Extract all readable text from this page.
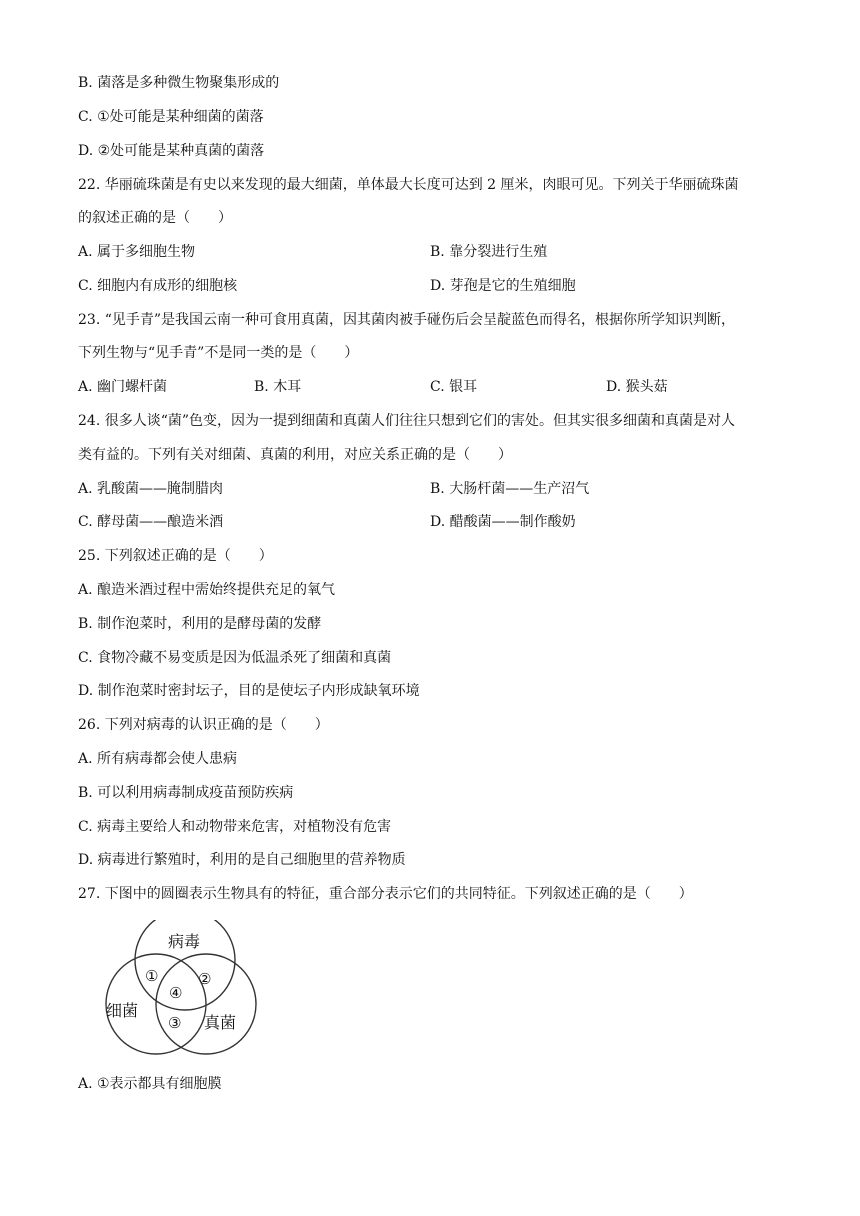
B. 菌落是多种微生物聚集形成的
C. ①处可能是某种细菌的菌落
D. ②处可能是某种真菌的菌落
22. 华丽硫珠菌是有史以来发现的最大细菌，单体最大长度可达到 2 厘米，肉眼可见。下列关于华丽硫珠菌
的叙述正确的是（　　）
A. 属于多细胞生物	B. 靠分裂进行生殖
C. 细胞内有成形的细胞核	D. 芽孢是它的生殖细胞
23. “见手青”是我国云南一种可食用真菌，因其菌肉被手碰伤后会呈靛蓝色而得名，根据你所学知识判断，
下列生物与“见手青”不是同一类的是（　　）
A. 幽门螺杆菌	B. 木耳	C. 银耳	D. 猴头菇
24. 很多人谈“菌”色变，因为一提到细菌和真菌人们往往只想到它们的害处。但其实很多细菌和真菌是对人
类有益的。下列有关对细菌、真菌的利用，对应关系正确的是（　　）
A. 乳酸菌——腌制腊肉	B. 大肠杆菌——生产沼气
C. 酵母菌——酿造米酒	D. 醋酸菌——制作酸奶
25. 下列叙述正确的是（　　）
A. 酿造米酒过程中需始终提供充足的氧气
B. 制作泡菜时，利用的是酵母菌的发酵
C. 食物冷藏不易变质是因为低温杀死了细菌和真菌
D. 制作泡菜时密封坛子，目的是使坛子内形成缺氧环境
26. 下列对病毒的认识正确的是（　　）
A. 所有病毒都会使人患病
B. 可以利用病毒制成疫苗预防疾病
C. 病毒主要给人和动物带来危害，对植物没有危害
D. 病毒进行繁殖时，利用的是自己细胞里的营养物质
27. 下图中的圆圈表示生物具有的特征，重合部分表示它们的共同特征。下列叙述正确的是（　　）
病毒
细菌
真菌
①	②
③
④
A. ①表示都具有细胞膜
